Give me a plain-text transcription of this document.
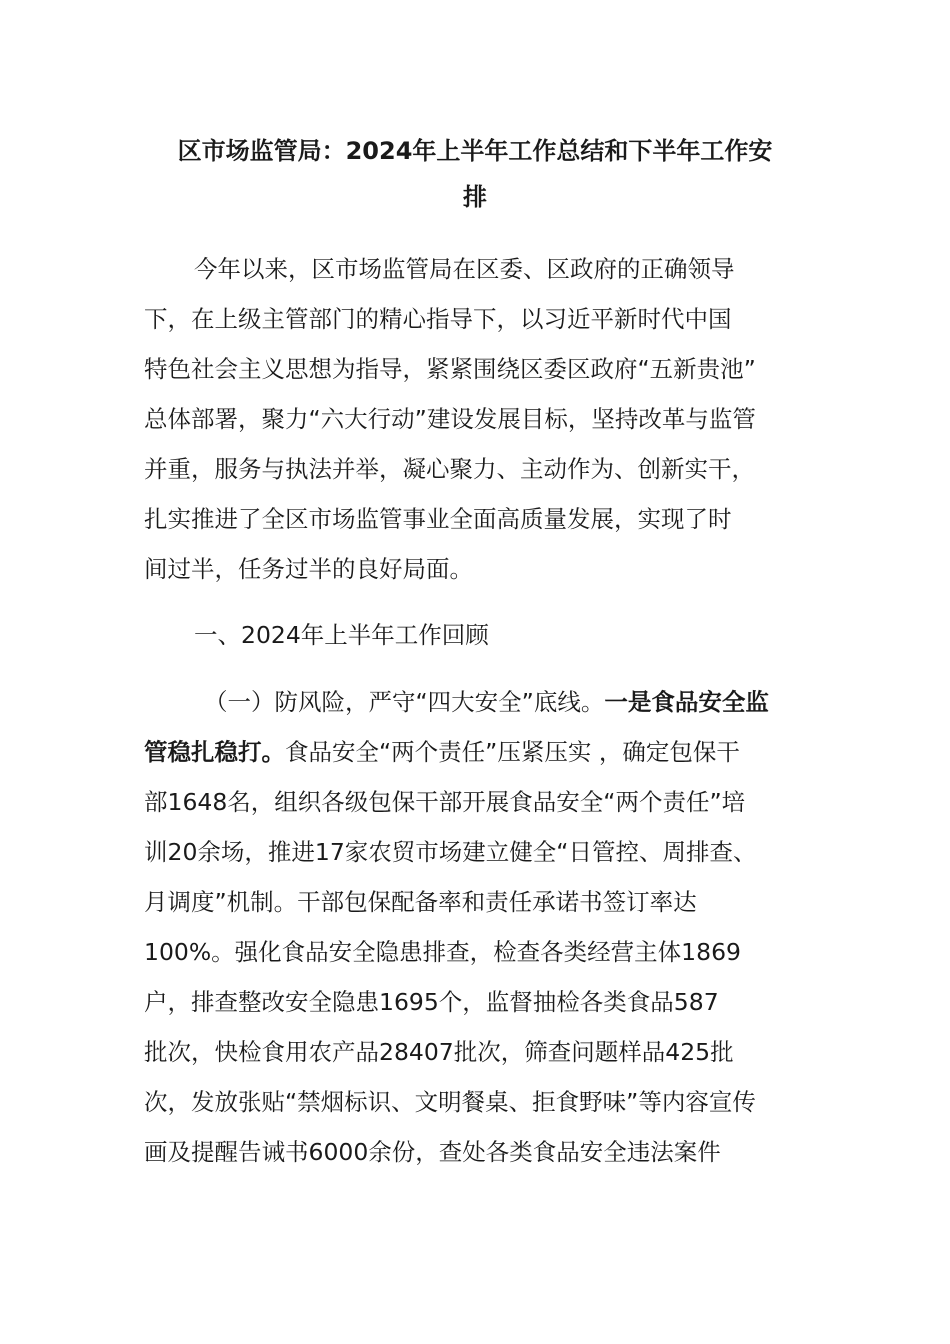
区市场监管局：2024年上半年工作总结和下半年工作安
排

今年以来，区市场监管局在区委、区政府的正确领导
下，在上级主管部门的精心指导下，以习近平新时代中国
特色社会主义思想为指导，紧紧围绕区委区政府“五新贵池”
总体部署，聚力“六大行动”建设发展目标，坚持改革与监管
并重，服务与执法并举，凝心聚力、主动作为、创新实干，
扎实推进了全区市场监管事业全面高质量发展，实现了时
间过半，任务过半的良好局面。

一、2024年上半年工作回顾

（一）防风险，严守“四大安全”底线。一是食品安全监
管稳扎稳打。食品安全“两个责任”压紧压实 ，确定包保干
部1648名，组织各级包保干部开展食品安全“两个责任”培
训20余场，推进17家农贸市场建立健全“日管控、周排查、
月调度”机制。干部包保配备率和责任承诺书签订率达
100%。强化食品安全隐患排查，检查各类经营主体1869
户，排查整改安全隐患1695个，监督抽检各类食品587
批次，快检食用农产品28407批次，筛查问题样品425批
次，发放张贴“禁烟标识、文明餐桌、拒食野味”等内容宣传
画及提醒告诫书6000余份，查处各类食品安全违法案件
